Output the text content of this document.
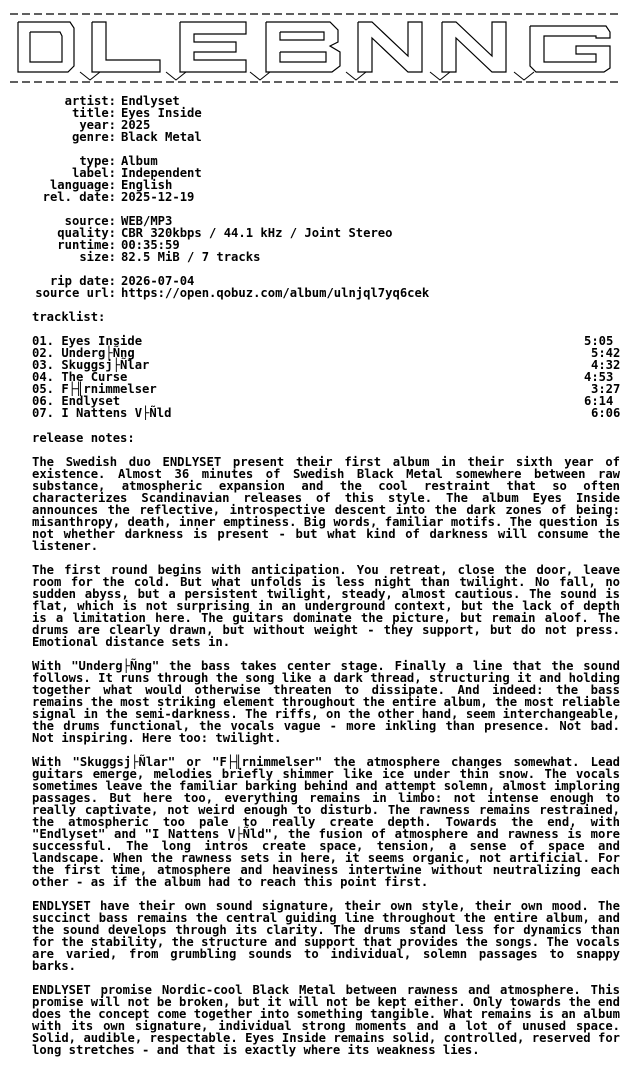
artist: Endlyset
title: Eyes Inside
year: 2025
genre: Black Metal
type: Album
label: Independent
language: English
rel. date: 2025-12-19
source: WEB/MP3
quality: CBR 320kbps / 44.1 kHz / Joint Stereo
runtime: 00:35:59
size: 82.5 MiB / 7 tracks
rip date: 2026-07-04
source url: https://open.qobuz.com/album/ulnjql7yq6cek
tracklist:
01. Eyes Inside	5:05
02. Underg├Ñng	5:42
03. Skuggsj├Ñlar	4:32
04. The Curse	4:53
05. F├╢rnimmelser	3:27
06. Endlyset	6:14
07. I Nattens V├Ñld	6:06
release notes:

The Swedish duo ENDLYSET present their first album in their sixth year of existence. Almost 36 minutes of Swedish Black Metal somewhere between raw substance, atmospheric expansion and the cool restraint that so often characterizes Scandinavian releases of this style. The album Eyes Inside announces the reflective, introspective descent into the dark zones of being: misanthropy, death, inner emptiness. Big words, familiar motifs. The question is not whether darkness is present - but what kind of darkness will consume the listener.

The first round begins with anticipation. You retreat, close the door, leave room for the cold. But what unfolds is less night than twilight. No fall, no sudden abyss, but a persistent twilight, steady, almost cautious. The sound is flat, which is not surprising in an underground context, but the lack of depth is a limitation here. The guitars dominate the picture, but remain aloof. The drums are clearly drawn, but without weight - they support, but do not press. Emotional distance sets in.

With "Underg├Ñng" the bass takes center stage. Finally a line that the sound follows. It runs through the song like a dark thread, structuring it and holding together what would otherwise threaten to dissipate. And indeed: the bass remains the most striking element throughout the entire album, the most reliable signal in the semi-darkness. The riffs, on the other hand, seem interchangeable, the drums functional, the vocals vague - more inkling than presence. Not bad. Not inspiring. Here too: twilight.

With "Skuggsj├Ñlar" or "F├╢rnimmelser" the atmosphere changes somewhat. Lead guitars emerge, melodies briefly shimmer like ice under thin snow. The vocals sometimes leave the familiar barking behind and attempt solemn, almost imploring passages. But here too, everything remains in limbo: not intense enough to really captivate, not weird enough to disturb. The rawness remains restrained, the atmospheric too pale to really create depth. Towards the end, with "Endlyset" and "I Nattens V├Ñld", the fusion of atmosphere and rawness is more successful. The long intros create space, tension, a sense of space and landscape. When the rawness sets in here, it seems organic, not artificial. For the first time, atmosphere and heaviness intertwine without neutralizing each other - as if the album had to reach this point first.

ENDLYSET have their own sound signature, their own style, their own mood. The succinct bass remains the central guiding line throughout the entire album, and the sound develops through its clarity. The drums stand less for dynamics than for the stability, the structure and support that provides the songs. The vocals are varied, from grumbling sounds to individual, solemn passages to snappy barks.

ENDLYSET promise Nordic-cool Black Metal between rawness and atmosphere. This promise will not be broken, but it will not be kept either. Only towards the end does the concept come together into something tangible. What remains is an album with its own signature, individual strong moments and a lot of unused space. Solid, audible, respectable. Eyes Inside remains solid, controlled, reserved for long stretches - and that is exactly where its weakness lies.
